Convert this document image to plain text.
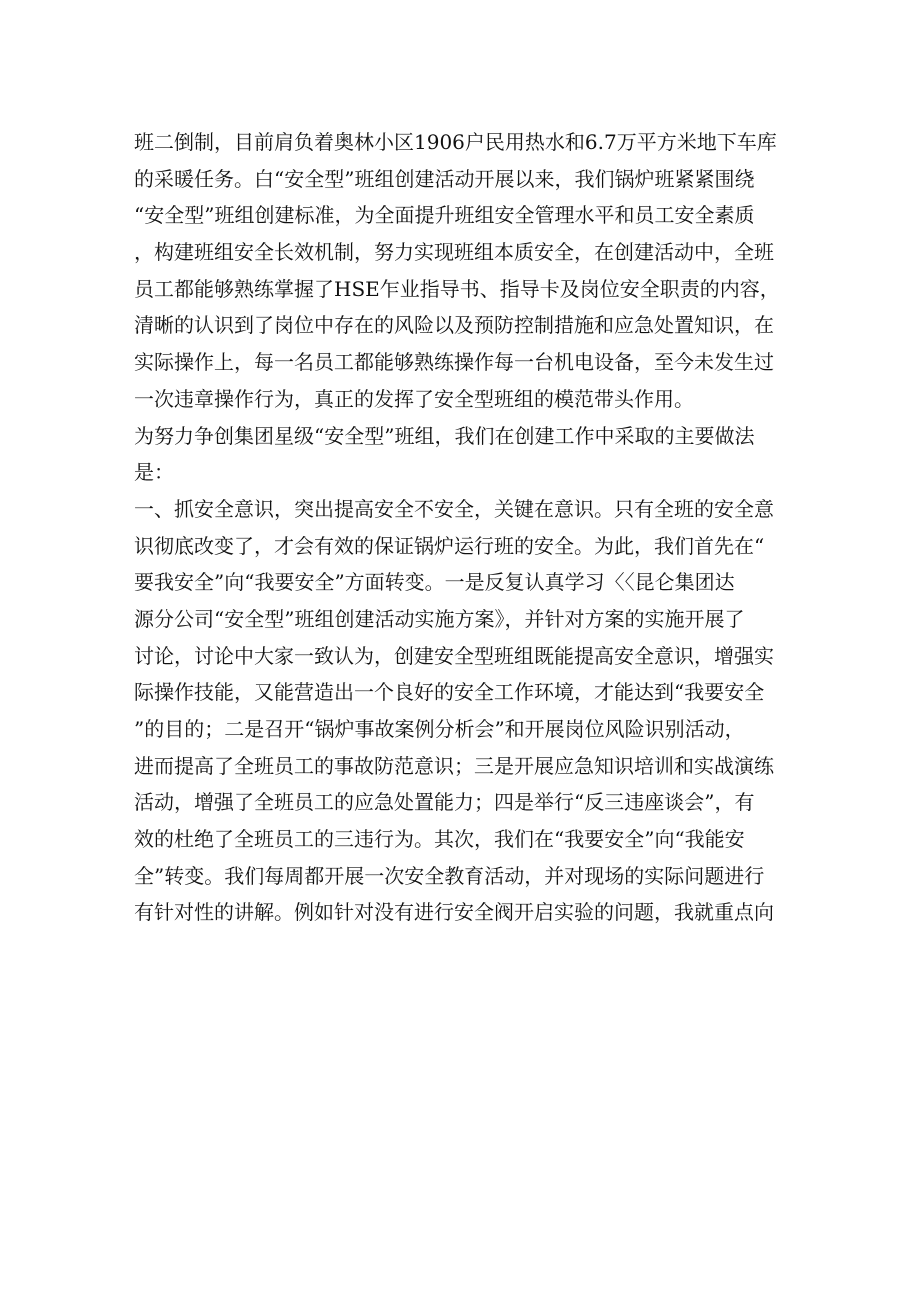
班二倒制，目前肩负着奥林小区1906户民用热水和6.7万平方米地下车库
的采暖任务。白“安全型”班组创建活动开展以来，我们锅炉班紧紧围绕
“安全型”班组创建标准，为全面提升班组安全管理水平和员工安全素质
，构建班组安全长效机制，努力实现班组本质安全，在创建活动中，全班
员工都能够熟练掌握了HSE乍业指导书、指导卡及岗位安全职责的内容，
清晰的认识到了岗位中存在的风险以及预防控制措施和应急处置知识，在
实际操作上，每一名员工都能够熟练操作每一台机电设备，至今未发生过
一次违章操作行为，真正的发挥了安全型班组的模范带头作用。
为努力争创集团星级“安全型”班组，我们在创建工作中采取的主要做法
是：
一、抓安全意识，突出提高安全不安全，关键在意识。只有全班的安全意
识彻底改变了，才会有效的保证锅炉运行班的安全。为此，我们首先在“
要我安全”向“我要安全”方面转变。一是反复认真学习〈〈昆仑集团达
源分公司“安全型”班组创建活动实施方案》，并针对方案的实施开展了
讨论，讨论中大家一致认为，创建安全型班组既能提高安全意识，增强实
际操作技能，又能营造出一个良好的安全工作环境，才能达到“我要安全
”的目的；二是召开“锅炉事故案例分析会”和开展岗位风险识别活动，
进而提高了全班员工的事故防范意识；三是开展应急知识培训和实战演练
活动，增强了全班员工的应急处置能力；四是举行“反三违座谈会”，有
效的杜绝了全班员工的三违行为。其次，我们在“我要安全”向“我能安
全”转变。我们每周都开展一次安全教育活动，并对现场的实际问题进行
有针对性的讲解。例如针对没有进行安全阀开启实验的问题，我就重点向
